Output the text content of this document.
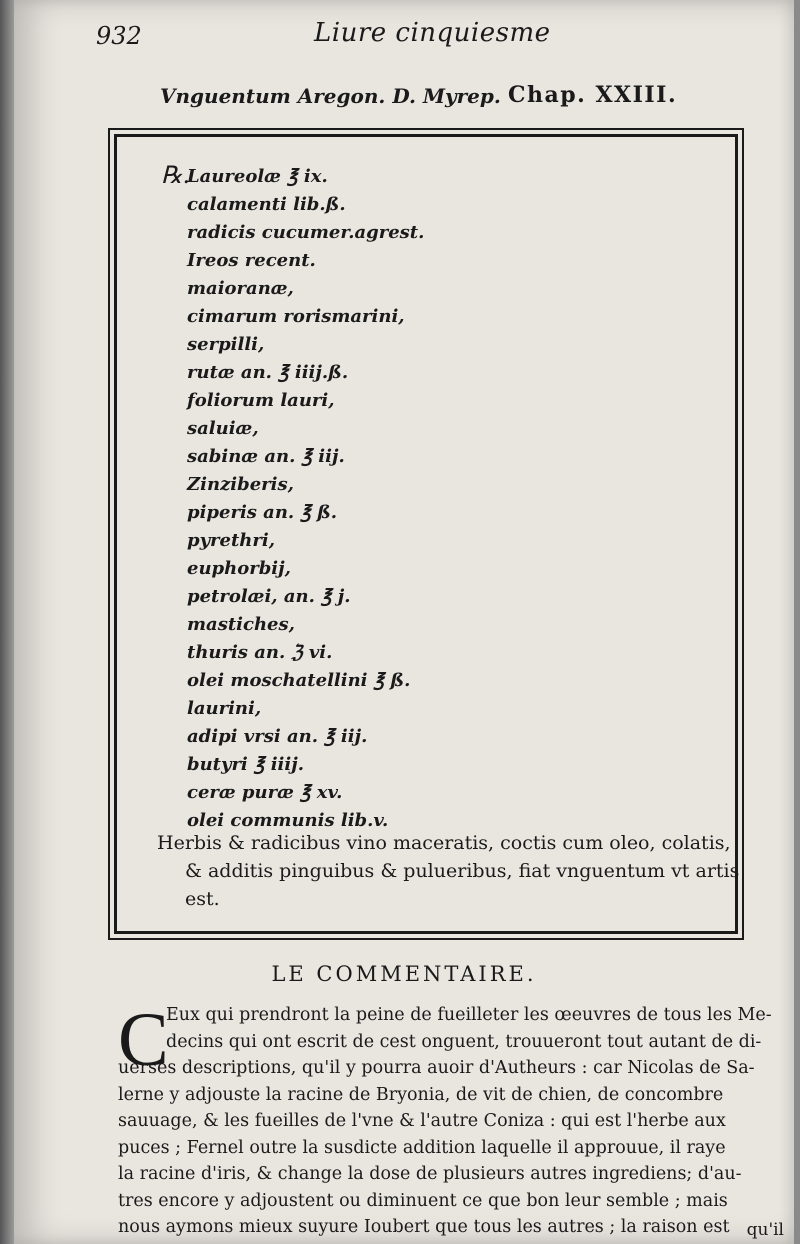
932	Liure cinquiesme
Vnguentum Aregon. D. Myrep. Chap. XXIII.
℞.
Laureolæ ℥ ix.
calamenti lib.ß.
radicis cucumer.agrest.
Ireos recent.
maioranæ,
cimarum rorismarini,
serpilli,
rutæ an. ℥ iiij.ß.
foliorum lauri,
saluiæ,
sabinæ an. ℥ iij.
Zinziberis,
piperis an. ℥ ß.
pyrethri,
euphorbij,
petrolæi, an. ℥ j.
mastiches,
thuris an. ℨ vi.
olei moschatellini ℥ ß.
laurini,
adipi vrsi an. ℥ iij.
butyri ℥ iiij.
ceræ puræ ℥ xv.
olei communis lib.v.

Herbis & radicibus vino maceratis, coctis cum oleo, colatis, & additis pinguibus & pulueribus, fiat vnguentum vt artis est.

LE COMMENTAIRE.
C

Eux qui prendront la peine de fueilleter les œeuvres de tous les Me-
decins qui ont escrit de cest onguent, trouueront tout autant de di-
uerses descriptions, qu'il y pourra auoir d'Autheurs : car Nicolas de Sa-
lerne y adjouste la racine de Bryonia, de vit de chien, de concombre
sauuage, & les fueilles de l'vne & l'autre Coniza : qui est l'herbe aux
puces ; Fernel outre la susdicte addition laquelle il approuue, il raye
la racine d'iris, & change la dose de plusieurs autres ingrediens; d'au-
tres encore y adjoustent ou diminuent ce que bon leur semble ; mais
nous aymons mieux suyure Ioubert que tous les autres ; la raison est	qu'il
